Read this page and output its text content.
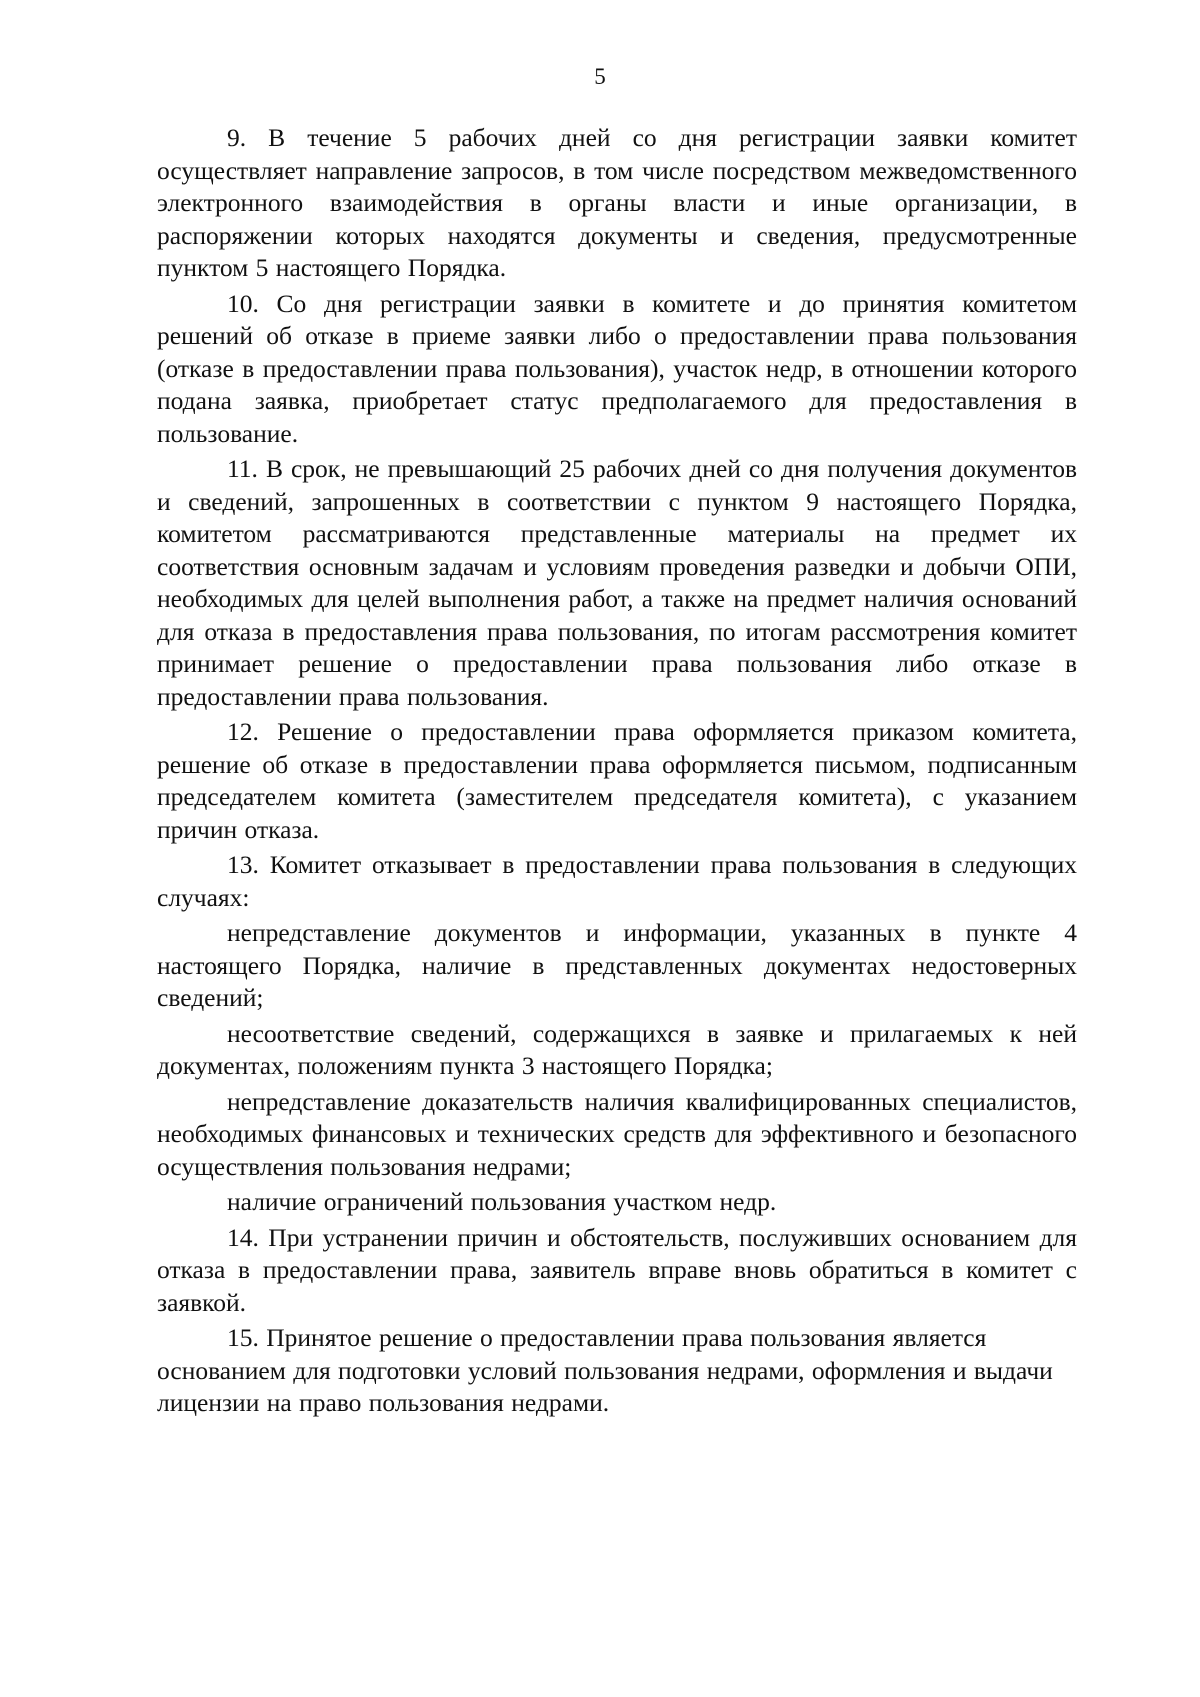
5

9. В течение 5 рабочих дней со дня регистрации заявки комитет осуществляет направление запросов, в том числе посредством межведомственного электронного взаимодействия в органы власти и иные организации, в распоряжении которых находятся документы и сведения, предусмотренные пунктом 5 настоящего Порядка.

10. Со дня регистрации заявки в комитете и до принятия комитетом решений об отказе в приеме заявки либо о предоставлении права пользования (отказе в предоставлении права пользования), участок недр, в отношении которого подана заявка, приобретает статус предполагаемого для предоставления в пользование.

11. В срок, не превышающий 25 рабочих дней со дня получения документов и сведений, запрошенных в соответствии с пунктом 9 настоящего Порядка, комитетом рассматриваются представленные материалы на предмет их соответствия основным задачам и условиям проведения разведки и добычи ОПИ, необходимых для целей выполнения работ, а также на предмет наличия оснований для отказа в предоставления права пользования, по итогам рассмотрения комитет принимает решение о предоставлении права пользования либо отказе в предоставлении права пользования.

12. Решение о предоставлении права оформляется приказом комитета, решение об отказе в предоставлении права оформляется письмом, подписанным председателем комитета (заместителем председателя комитета), с указанием причин отказа.

13. Комитет отказывает в предоставлении права пользования в следующих случаях:

непредставление документов и информации, указанных в пункте 4 настоящего Порядка, наличие в представленных документах недостоверных сведений;

несоответствие сведений, содержащихся в заявке и прилагаемых к ней документах, положениям пункта 3 настоящего Порядка;

непредставление доказательств наличия квалифицированных специалистов, необходимых финансовых и технических средств для эффективного и безопасного осуществления пользования недрами;

наличие ограничений пользования участком недр.

14. При устранении причин и обстоятельств, послуживших основанием для отказа в предоставлении права, заявитель вправе вновь обратиться в комитет с заявкой.

15. Принятое решение о предоставлении права пользования является основанием для подготовки условий пользования недрами, оформления и выдачи лицензии на право пользования недрами.
